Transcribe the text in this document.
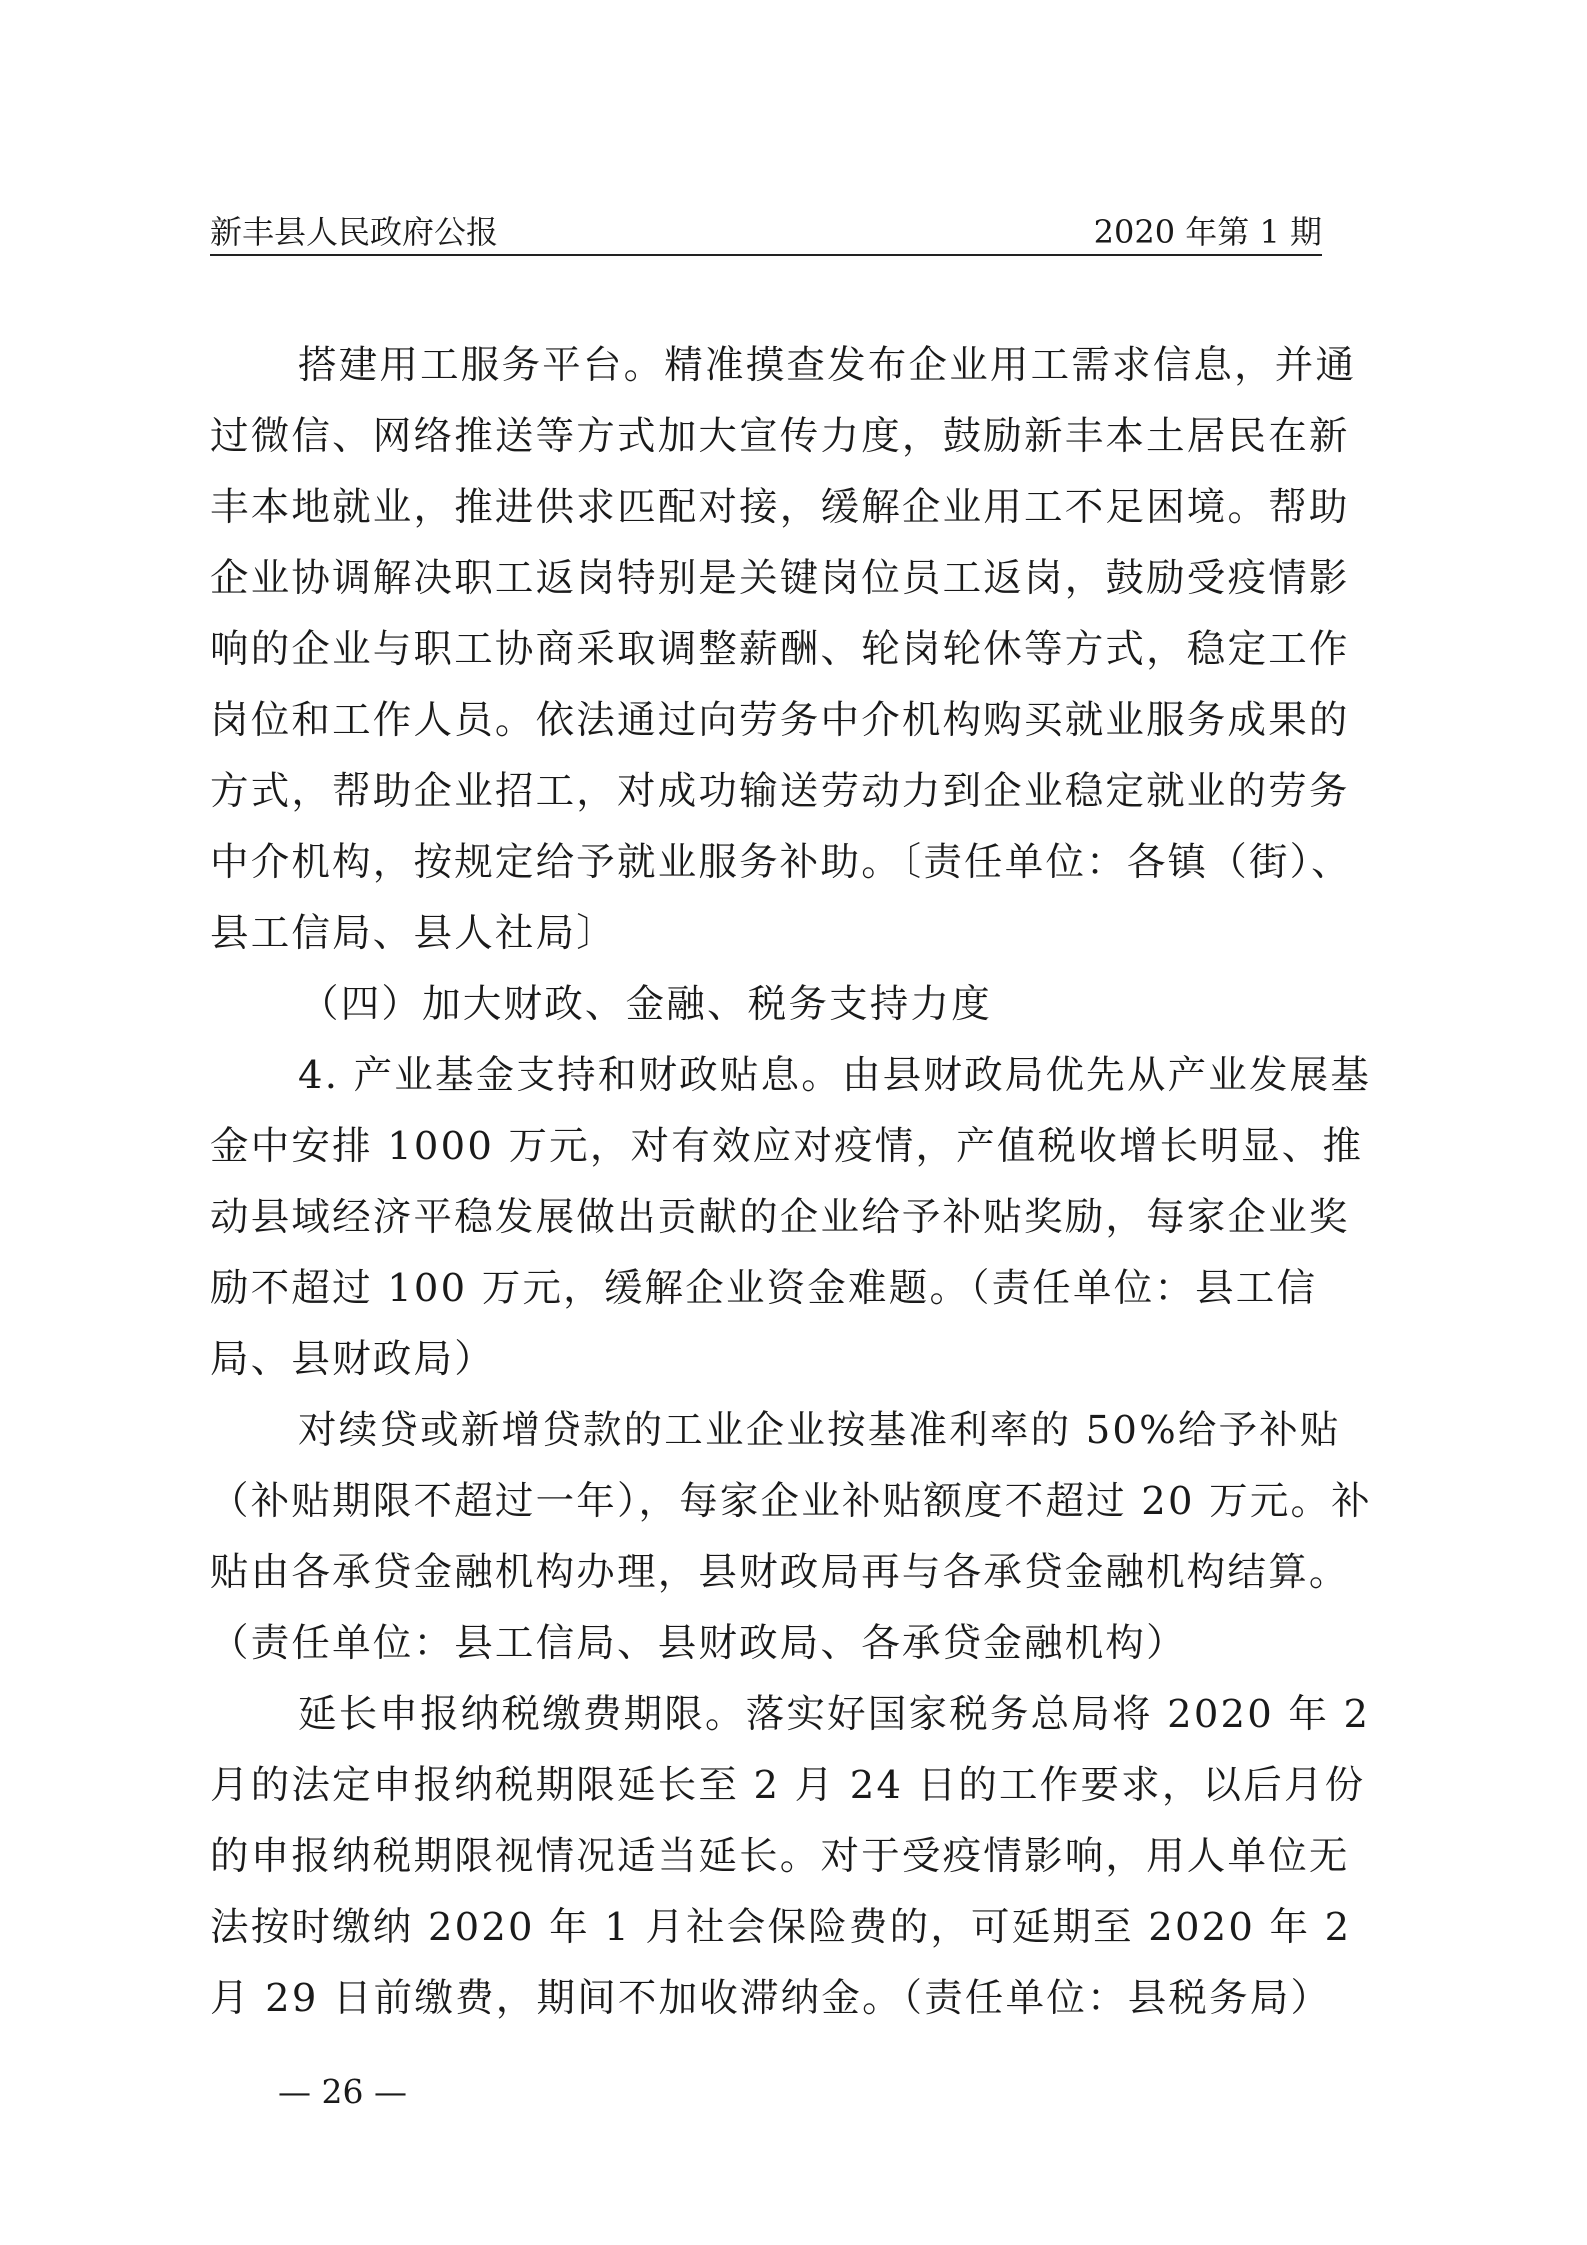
新丰县人民政府公报	2020 年第 1 期

搭建用工服务平台。精准摸查发布企业用工需求信息，并通过微信、网络推送等方式加大宣传力度，鼓励新丰本土居民在新丰本地就业，推进供求匹配对接，缓解企业用工不足困境。帮助企业协调解决职工返岗特别是关键岗位员工返岗，鼓励受疫情影响的企业与职工协商采取调整薪酬、轮岗轮休等方式，稳定工作岗位和工作人员。依法通过向劳务中介机构购买就业服务成果的方式，帮助企业招工，对成功输送劳动力到企业稳定就业的劳务中介机构，按规定给予就业服务补助。〔责任单位：各镇（街）、县工信局、县人社局〕

（四）加大财政、金融、税务支持力度

4. 产业基金支持和财政贴息。由县财政局优先从产业发展基金中安排 1000 万元，对有效应对疫情，产值税收增长明显、推动县域经济平稳发展做出贡献的企业给予补贴奖励，每家企业奖励不超过 100 万元，缓解企业资金难题。（责任单位：县工信局、县财政局）

对续贷或新增贷款的工业企业按基准利率的 50%给予补贴（补贴期限不超过一年），每家企业补贴额度不超过 20 万元。补贴由各承贷金融机构办理，县财政局再与各承贷金融机构结算。（责任单位：县工信局、县财政局、各承贷金融机构）

延长申报纳税缴费期限。落实好国家税务总局将 2020 年 2 月的法定申报纳税期限延长至 2 月 24 日的工作要求，以后月份的申报纳税期限视情况适当延长。对于受疫情影响，用人单位无法按时缴纳 2020 年 1 月社会保险费的，可延期至 2020 年 2 月 29 日前缴费，期间不加收滞纳金。（责任单位：县税务局）

— 26 —
